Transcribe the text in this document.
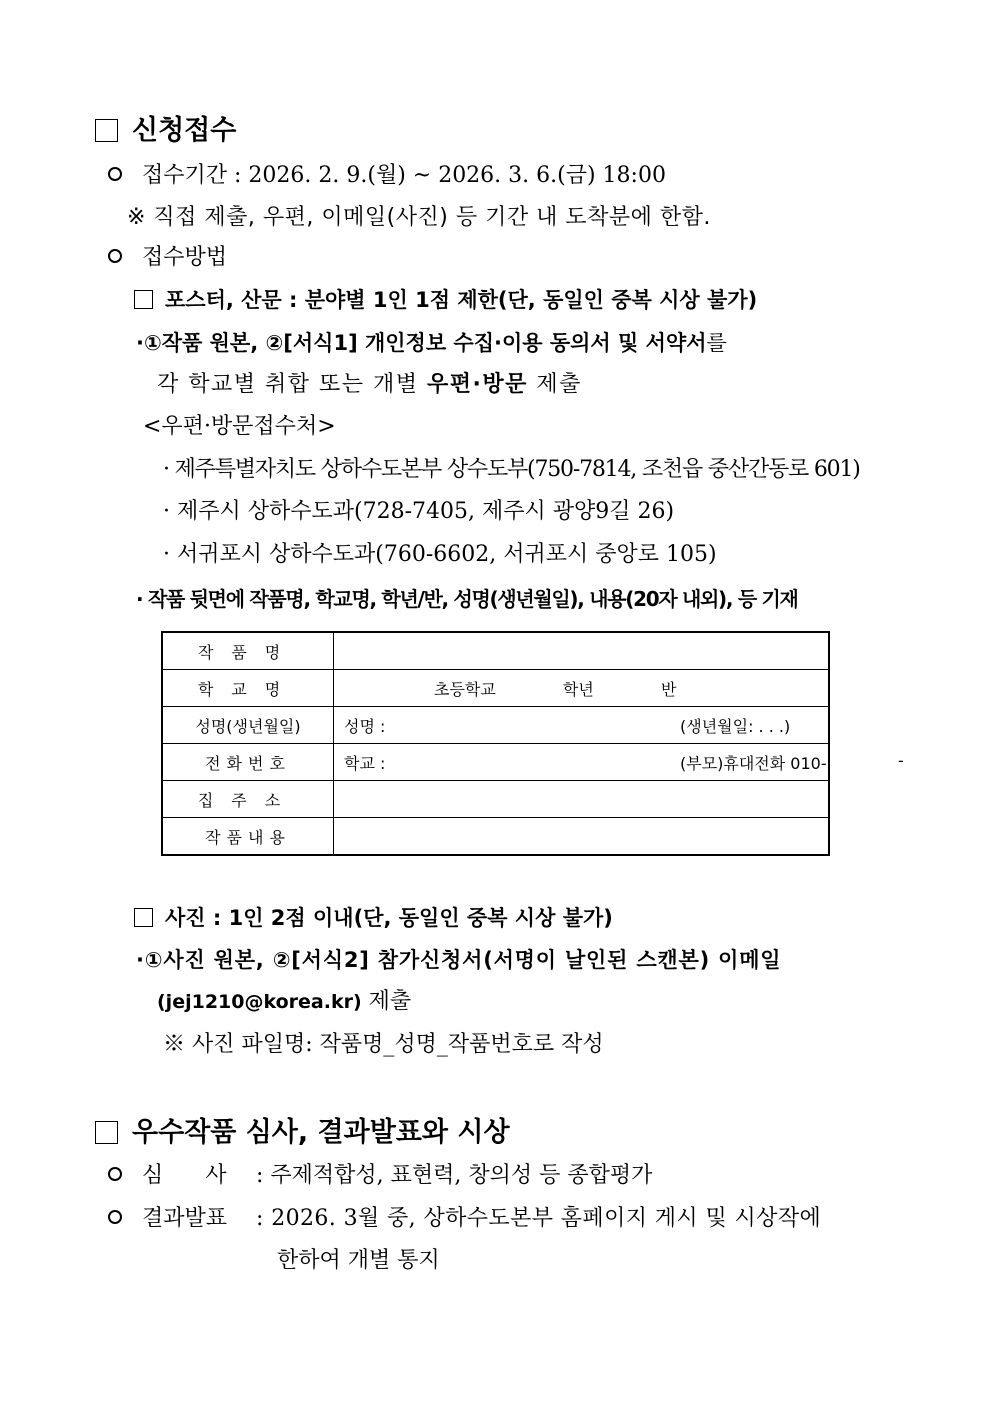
신청접수
접수기간 : 2026. 2. 9.(월) ~ 2026. 3. 6.(금) 18:00
※ 직접 제출, 우편, 이메일(사진) 등 기간 내 도착분에 한함.
접수방법
포스터, 산문 : 분야별 1인 1점 제한(단, 동일인 중복 시상 불가)
·①작품 원본, ②[서식1] 개인정보 수집·이용 동의서 및 서약서를
각 학교별 취합 또는 개별 우편·방문 제출
<우편·방문접수처>
· 제주특별자치도 상하수도본부 상수도부(750-7814, 조천읍 중산간동로 601)
· 제주시 상하수도과(728-7405, 제주시 광양9길 26)
· 서귀포시 상하수도과(760-6602, 서귀포시 중앙로 105)
· 작품 뒷면에 작품명, 학교명, 학년/반, 성명(생년월일), 내용(20자 내외), 등 기재
작품명	
학교명	초등학교 학년 반
성명(생년월일)	성명 : (생년월일: . . .)

전화번호	학교 : (부모)휴대전화 010- -

집주소	
작품내용	
사진 : 1인 2점 이내(단, 동일인 중복 시상 불가)
·①사진 원본, ②[서식2] 참가신청서(서명이 날인된 스캔본) 이메일
(jej1210@korea.kr) 제출
※ 사진 파일명: 작품명_성명_작품번호로 작성
우수작품 심사, 결과발표와 시상
심      사 : 주제적합성, 표현력, 창의성 등 종합평가
결과발표 : 2026. 3월 중, 상하수도본부 홈페이지 게시 및 시상작에
한하여 개별 통지
